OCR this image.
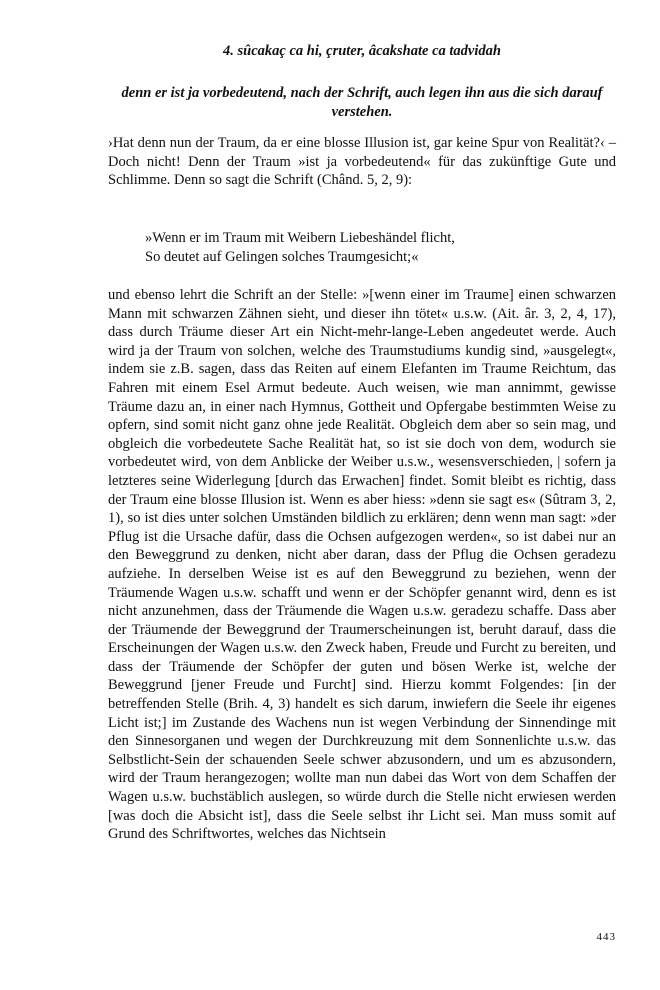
4. sûcakaç ca hi, çruter, âcakshate ca tadvidah

denn er ist ja vorbedeutend, nach der Schrift, auch legen ihn aus die sich darauf verstehen.

›Hat denn nun der Traum, da er eine blosse Illusion ist, gar keine Spur von Realität?‹ – Doch nicht! Denn der Traum »ist ja vorbedeutend« für das zukünftige Gute und Schlimme. Denn so sagt die Schrift (Chând. 5, 2, 9):

»Wenn er im Traum mit Weibern Liebeshändel flicht,
So deutet auf Gelingen solches Traumgesicht;«

und ebenso lehrt die Schrift an der Stelle: »[wenn einer im Traume] einen schwarzen Mann mit schwarzen Zähnen sieht, und dieser ihn tötet« u.s.w. (Ait. âr. 3, 2, 4, 17), dass durch Träume dieser Art ein Nicht-mehr-lange-Leben angedeutet werde. Auch wird ja der Traum von solchen, welche des Traumstudiums kundig sind, »ausgelegt«, indem sie z.B. sagen, dass das Reiten auf einem Elefanten im Traume Reichtum, das Fahren mit einem Esel Armut bedeute. Auch weisen, wie man annimmt, gewisse Träume dazu an, in einer nach Hymnus, Gottheit und Opfergabe bestimmten Weise zu opfern, sind somit nicht ganz ohne jede Realität. Obgleich dem aber so sein mag, und obgleich die vorbedeutete Sache Realität hat, so ist sie doch von dem, wodurch sie vorbedeutet wird, von dem Anblicke der Weiber u.s.w., wesensverschieden, | sofern ja letzteres seine Widerlegung [durch das Erwachen] findet. Somit bleibt es richtig, dass der Traum eine blosse Illusion ist. Wenn es aber hiess: »denn sie sagt es« (Sûtram 3, 2, 1), so ist dies unter solchen Umständen bildlich zu erklären; denn wenn man sagt: »der Pflug ist die Ursache dafür, dass die Ochsen aufgezogen werden«, so ist dabei nur an den Beweggrund zu denken, nicht aber daran, dass der Pflug die Ochsen geradezu aufziehe. In derselben Weise ist es auf den Beweggrund zu beziehen, wenn der Träumende Wagen u.s.w. schafft und wenn er der Schöpfer genannt wird, denn es ist nicht anzunehmen, dass der Träumende die Wagen u.s.w. geradezu schaffe. Dass aber der Träumende der Beweggrund der Traumerscheinungen ist, beruht darauf, dass die Erscheinungen der Wagen u.s.w. den Zweck haben, Freude und Furcht zu bereiten, und dass der Träumende der Schöpfer der guten und bösen Werke ist, welche der Beweggrund [jener Freude und Furcht] sind. Hierzu kommt Folgendes: [in der betreffenden Stelle (Brih. 4, 3) handelt es sich darum, inwiefern die Seele ihr eigenes Licht ist;] im Zustande des Wachens nun ist wegen Verbindung der Sinnendinge mit den Sinnesorganen und wegen der Durchkreuzung mit dem Sonnenlichte u.s.w. das Selbstlicht-Sein der schauenden Seele schwer abzusondern, und um es abzusondern, wird der Traum herangezogen; wollte man nun dabei das Wort von dem Schaffen der Wagen u.s.w. buchstäblich auslegen, so würde durch die Stelle nicht erwiesen werden [was doch die Absicht ist], dass die Seele selbst ihr Licht sei. Man muss somit auf Grund des Schriftwortes, welches das Nichtsein

443
